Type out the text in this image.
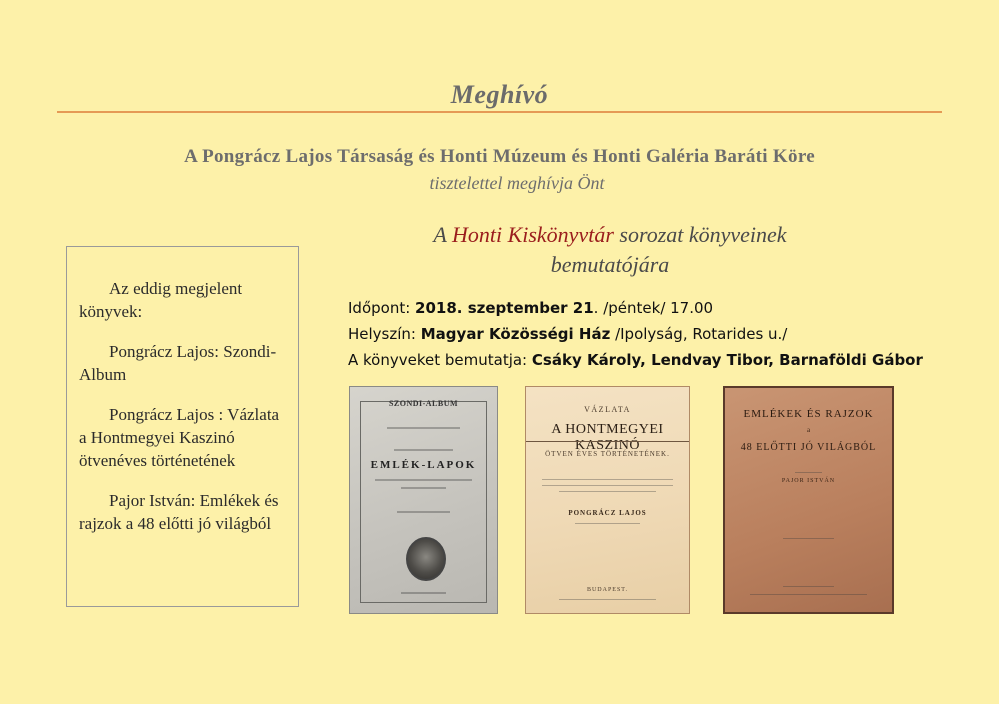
Meghívó
A Pongrácz Lajos Társaság és Honti Múzeum és Honti Galéria Baráti Köre
tisztelettel meghívja Önt
A Honti Kiskönyvtár sorozat könyveinek
bemutatójára
Időpont: 2018. szeptember 21. /péntek/ 17.00
Helyszín: Magyar Közösségi Ház /Ipolyság, Rotarides u./
A könyveket bemutatja: Csáky Károly, Lendvay Tibor, Barnaföldi Gábor

Az eddig megjelent könyvek:

Pongrácz Lajos: Szondi-Album

Pongrácz Lajos : Vázlata a Hontmegyei Kaszinó ötvenéves történetének

Pajor István: Emlékek és rajzok a 48 előtti jó világból

SZONDI-ALBUM
EMLÉK-LAPOK
VÁZLATA
A HONTMEGYEI KASZINÓ
ÖTVEN ÉVES TÖRTÉNETÉNEK.
PONGRÁCZ LAJOS
BUDAPEST.
EMLÉKEK ÉS RAJZOK
a
48 ELŐTTI JÓ VILÁGBÓL
PAJOR ISTVÁN
